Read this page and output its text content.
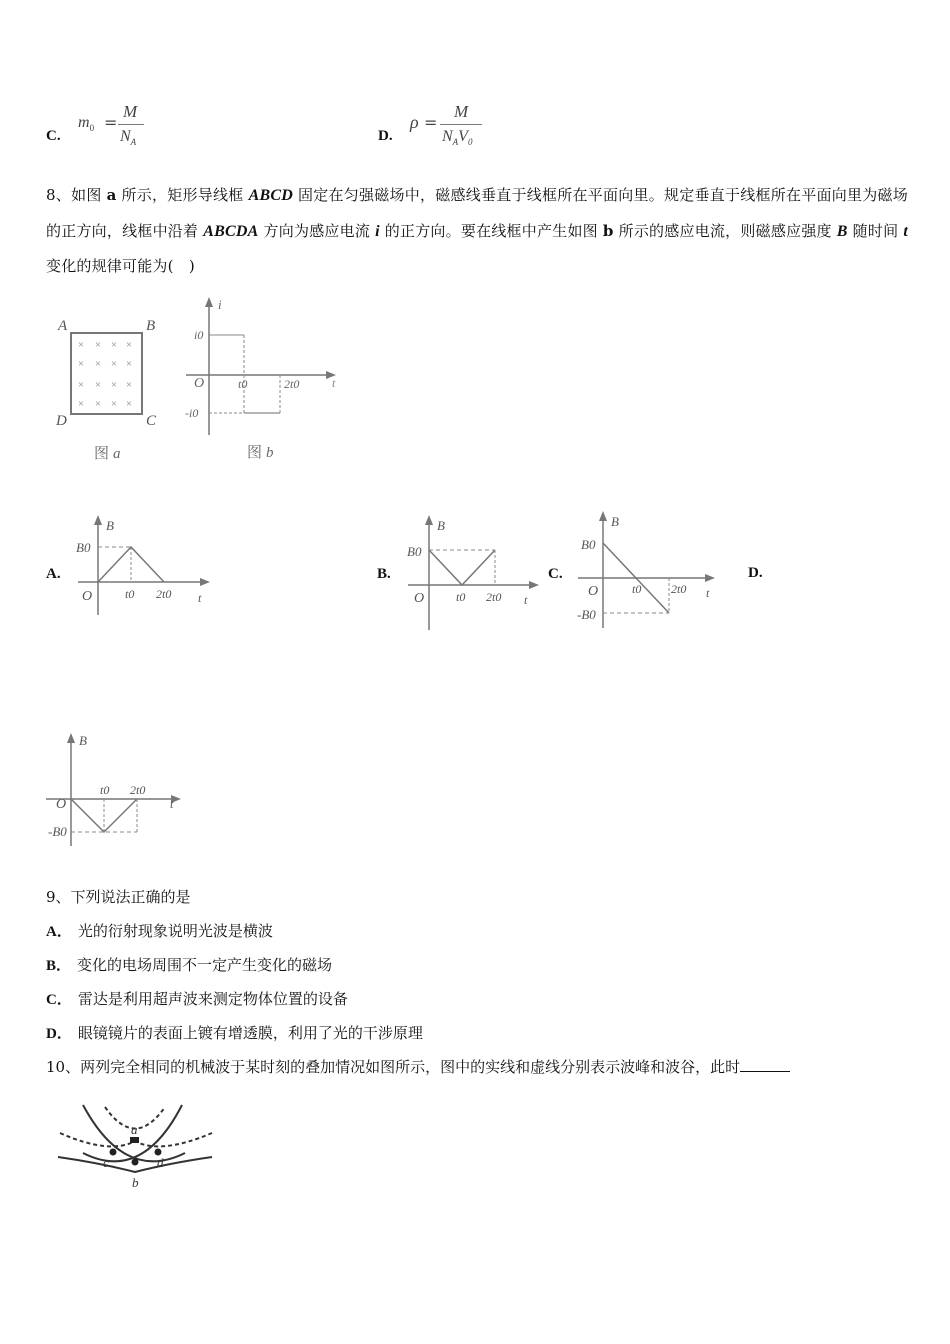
C.
$m_0$ =
M
$N_A$	D.
ρ =
M
$N_AV_0$
8、如图 a 所示，矩形导线框 ABCD 固定在匀强磁场中，磁感线垂直于线框所在平面向里。规定垂直于线框所在平面向里为磁场的正方向，线框中沿着 ABCDA 方向为感应电流 i 的正方向。要在线框中产生如图 b 所示的感应电流，则磁感应强度 B 随时间 t 变化的规律可能为(　)
× × × ×
× × × ×
× × × ×
× × × ×
A	B
C
D
图 a
i
t
O
i0
-i0
t0	2t0
图 b
A.
B
B0
O	t0 2t0 t
B.
B
B0
O	t0 2t0 t
C.
B
B0
O
-B0
t0 2t0 t
D.
B
O
-B0
t0 2t0
t
9、下列说法正确的是
A． 光的衍射现象说明光波是横波
B． 变化的电场周围不一定产生变化的磁场
C． 雷达是利用超声波来测定物体位置的设备
D． 眼镜镜片的表面上镀有增透膜，利用了光的干涉原理
10、两列完全相同的机械波于某时刻的叠加情况如图所示，图中的实线和虚线分别表示波峰和波谷，此时
a
b
c	d
